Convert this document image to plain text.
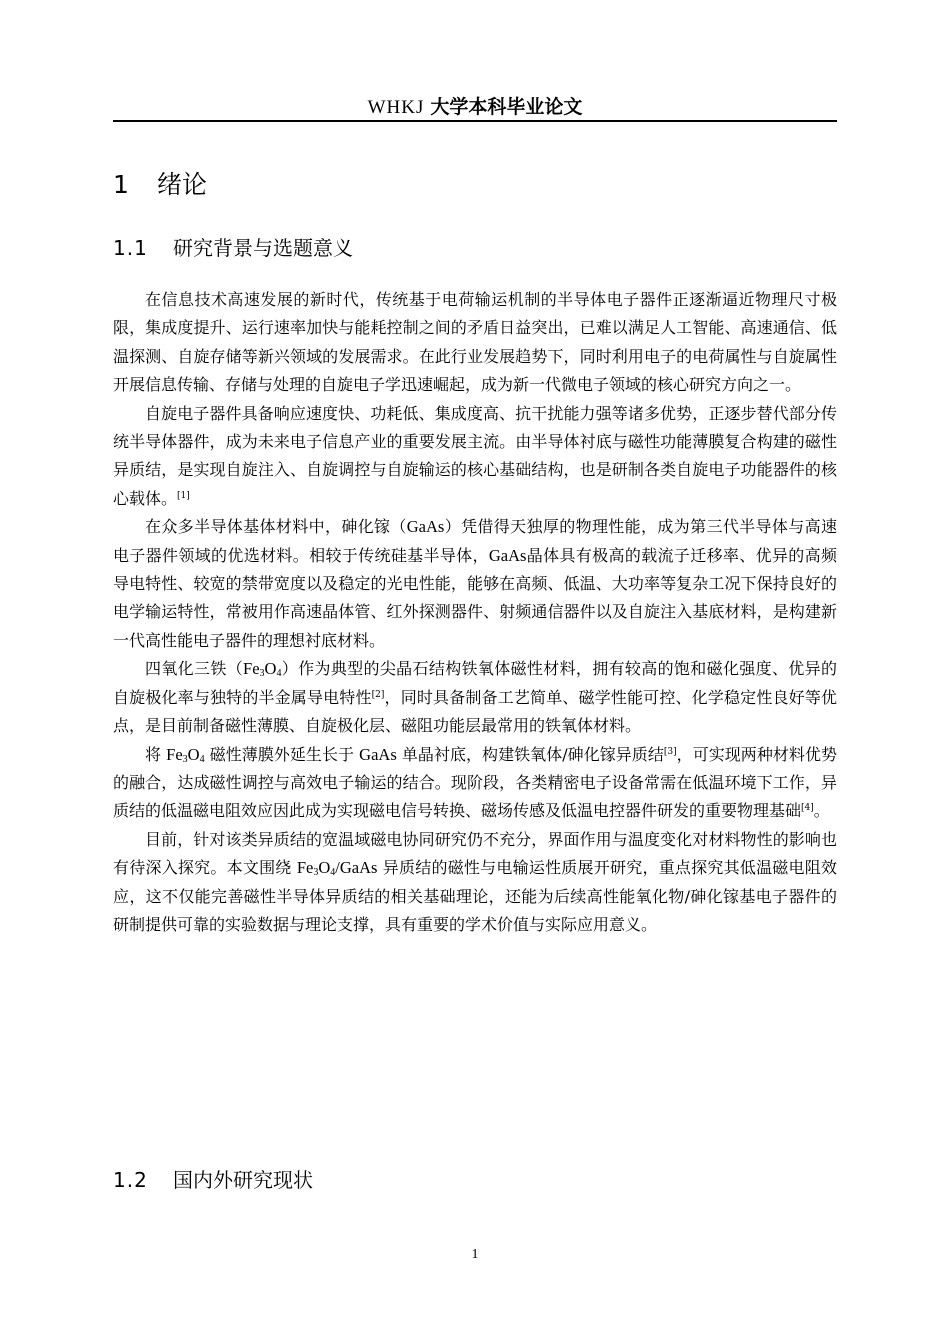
WHKJ 大学本科毕业论文
1 绪论
1.1 研究背景与选题意义

在信息技术高速发展的新时代，传统基于电荷输运机制的半导体电子器件正逐渐逼近物理尺寸极限，集成度提升、运行速率加快与能耗控制之间的矛盾日益突出，已难以满足人工智能、高速通信、低温探测、自旋存储等新兴领域的发展需求。在此行业发展趋势下，同时利用电子的电荷属性与自旋属性开展信息传输、存储与处理的自旋电子学迅速崛起，成为新一代微电子领域的核心研究方向之一。

自旋电子器件具备响应速度快、功耗低、集成度高、抗干扰能力强等诸多优势，正逐步替代部分传统半导体器件，成为未来电子信息产业的重要发展主流。由半导体衬底与磁性功能薄膜复合构建的磁性异质结，是实现自旋注入、自旋调控与自旋输运的核心基础结构，也是研制各类自旋电子功能器件的核心载体。[1]

在众多半导体基体材料中，砷化镓（GaAs）凭借得天独厚的物理性能，成为第三代半导体与高速电子器件领域的优选材料。相较于传统硅基半导体，GaAs晶体具有极高的载流子迁移率、优异的高频导电特性、较宽的禁带宽度以及稳定的光电性能，能够在高频、低温、大功率等复杂工况下保持良好的电学输运特性，常被用作高速晶体管、红外探测器件、射频通信器件以及自旋注入基底材料，是构建新一代高性能电子器件的理想衬底材料。

四氧化三铁$(Fe_3O_4)$作为典型的尖晶石结构铁氧体磁性材料，拥有较高的饱和磁化强度、优异的自旋极化率与独特的半金属导电特性[2]，同时具备制备工艺简单、磁学性能可控、化学稳定性良好等优点，是目前制备磁性薄膜、自旋极化层、磁阻功能层最常用的铁氧体材料。

将 $Fe_3O_4$ 磁性薄膜外延生长于 GaAs 单晶衬底，构建铁氧体/砷化镓异质结[3]，可实现两种材料优势的融合，达成磁性调控与高效电子输运的结合。现阶段，各类精密电子设备常需在低温环境下工作，异质结的低温磁电阻效应因此成为实现磁电信号转换、磁场传感及低温电控器件研发的重要物理基础[4]。

目前，针对该类异质结的宽温域磁电协同研究仍不充分，界面作用与温度变化对材料物性的影响也有待深入探究。本文围绕 $Fe_3O_4$/GaAs 异质结的磁性与电输运性质展开研究，重点探究其低温磁电阻效应，这不仅能完善磁性半导体异质结的相关基础理论，还能为后续高性能氧化物/砷化镓基电子器件的研制提供可靠的实验数据与理论支撑，具有重要的学术价值与实际应用意义。

1.2 国内外研究现状
1
